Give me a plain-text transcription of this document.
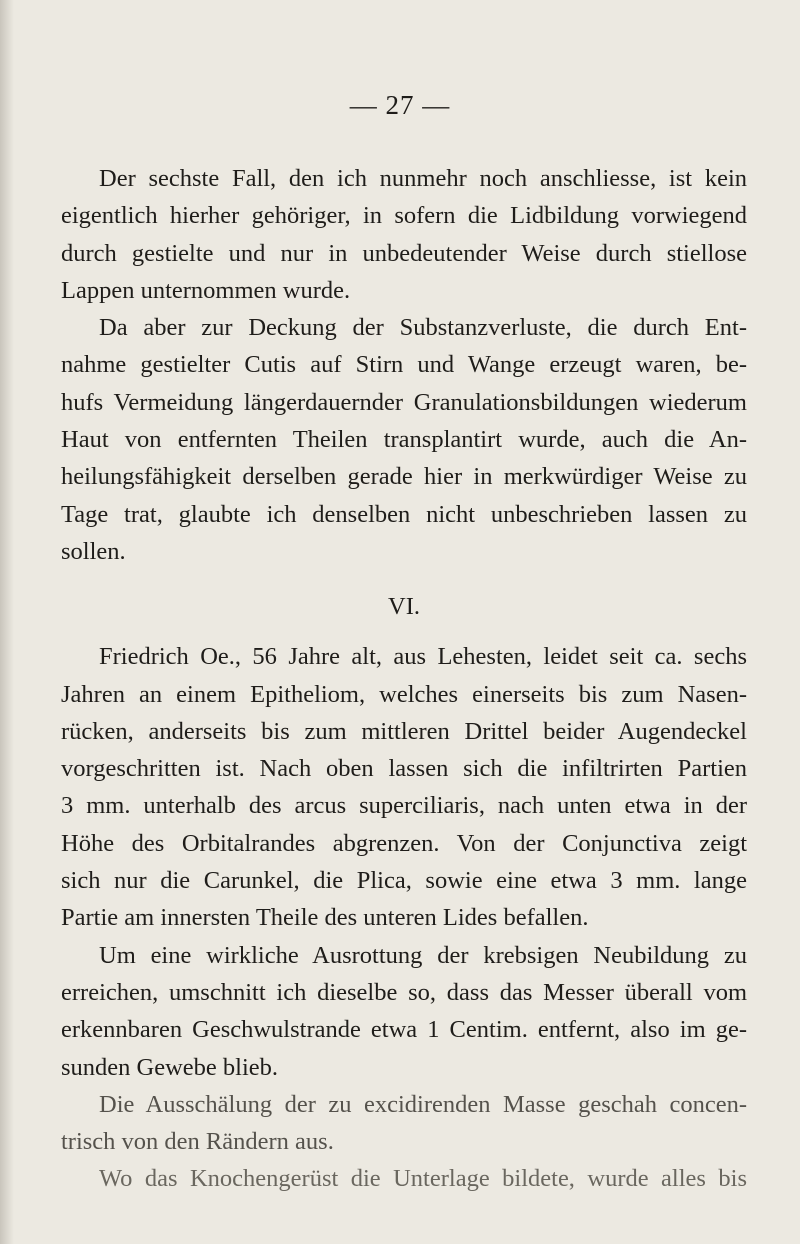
— 27 —
Der sechste Fall, den ich nunmehr noch anschliesse, ist kein
eigentlich hierher gehöriger, in sofern die Lidbildung vorwiegend
durch gestielte und nur in unbedeutender Weise durch stiellose
Lappen unternommen wurde.
Da aber zur Deckung der Substanzverluste, die durch Ent-
nahme gestielter Cutis auf Stirn und Wange erzeugt waren, be-
hufs Vermeidung längerdauernder Granulationsbildungen wiederum
Haut von entfernten Theilen transplantirt wurde, auch die An-
heilungsfähigkeit derselben gerade hier in merkwürdiger Weise zu
Tage trat, glaubte ich denselben nicht unbeschrieben lassen zu
sollen.
VI.
Friedrich Oe., 56 Jahre alt, aus Lehesten, leidet seit ca. sechs
Jahren an einem Epitheliom, welches einerseits bis zum Nasen-
rücken, anderseits bis zum mittleren Drittel beider Augendeckel
vorgeschritten ist. Nach oben lassen sich die infiltrirten Partien
3 mm. unterhalb des arcus superciliaris, nach unten etwa in der
Höhe des Orbitalrandes abgrenzen. Von der Conjunctiva zeigt
sich nur die Carunkel, die Plica, sowie eine etwa 3 mm. lange
Partie am innersten Theile des unteren Lides befallen.
Um eine wirkliche Ausrottung der krebsigen Neubildung zu
erreichen, umschnitt ich dieselbe so, dass das Messer überall vom
erkennbaren Geschwulstrande etwa 1 Centim. entfernt, also im ge-
sunden Gewebe blieb.
Die Ausschälung der zu excidirenden Masse geschah concen-
trisch von den Rändern aus.
Wo das Knochengerüst die Unterlage bildete, wurde alles bis
